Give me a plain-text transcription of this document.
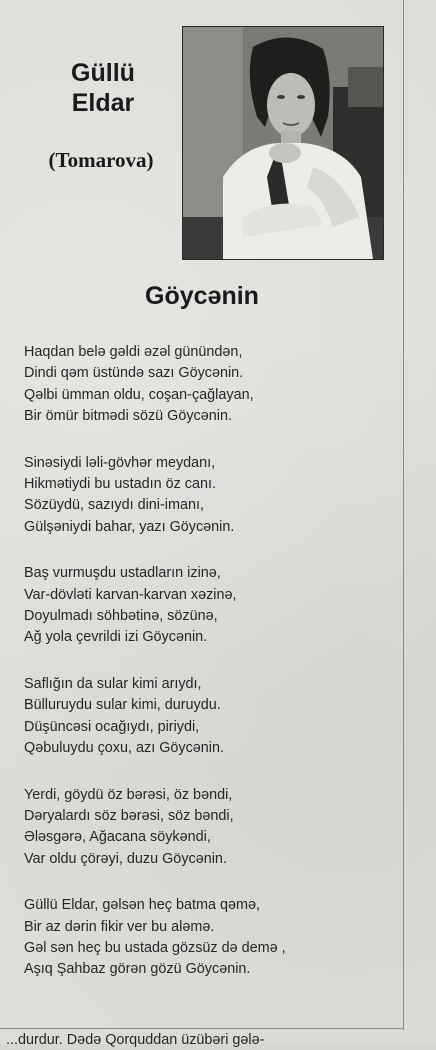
Güllü
Eldar
(Tomarova)
Göycənin
Haqdan belə gəldi əzəl günündən,
Dindi qəm üstündə sazı Göycənin.
Qəlbi ümman oldu, coşan-çağlayan,
Bir ömür bitmədi sözü Göycənin.
Sinəsiydi ləli-gövhər meydanı,
Hikmətiydi bu ustadın öz canı.
Sözüydü, sazıydı dini-imanı,
Gülşəniydi bahar, yazı Göycənin.
Baş vurmuşdu ustadların izinə,
Var-dövləti karvan-karvan xəzinə,
Doyulmadı söhbətinə, sözünə,
Ağ yola çevrildi izi Göycənin.
Saflığın da sular kimi arıydı,
Bülluruydu sular kimi, duruydu.
Düşüncəsi ocağıydı, piriydi,
Qəbuluydu çoxu, azı Göycənin.
Yerdi, göydü öz bərəsi, öz bəndi,
Dəryalardı söz bərəsi, söz bəndi,
Ələsgərə, Ağacana söykəndi,
Var oldu çörəyi, duzu Göycənin.
Güllü Eldar, gəlsən heç batma qəmə,
Bir az dərin fikir ver bu aləmə.
Gəl sən heç bu ustada gözsüz də demə ,
Aşıq Şahbaz görən gözü Göycənin.
...durdur. Dədə Qorquddan üzübəri gələ-
